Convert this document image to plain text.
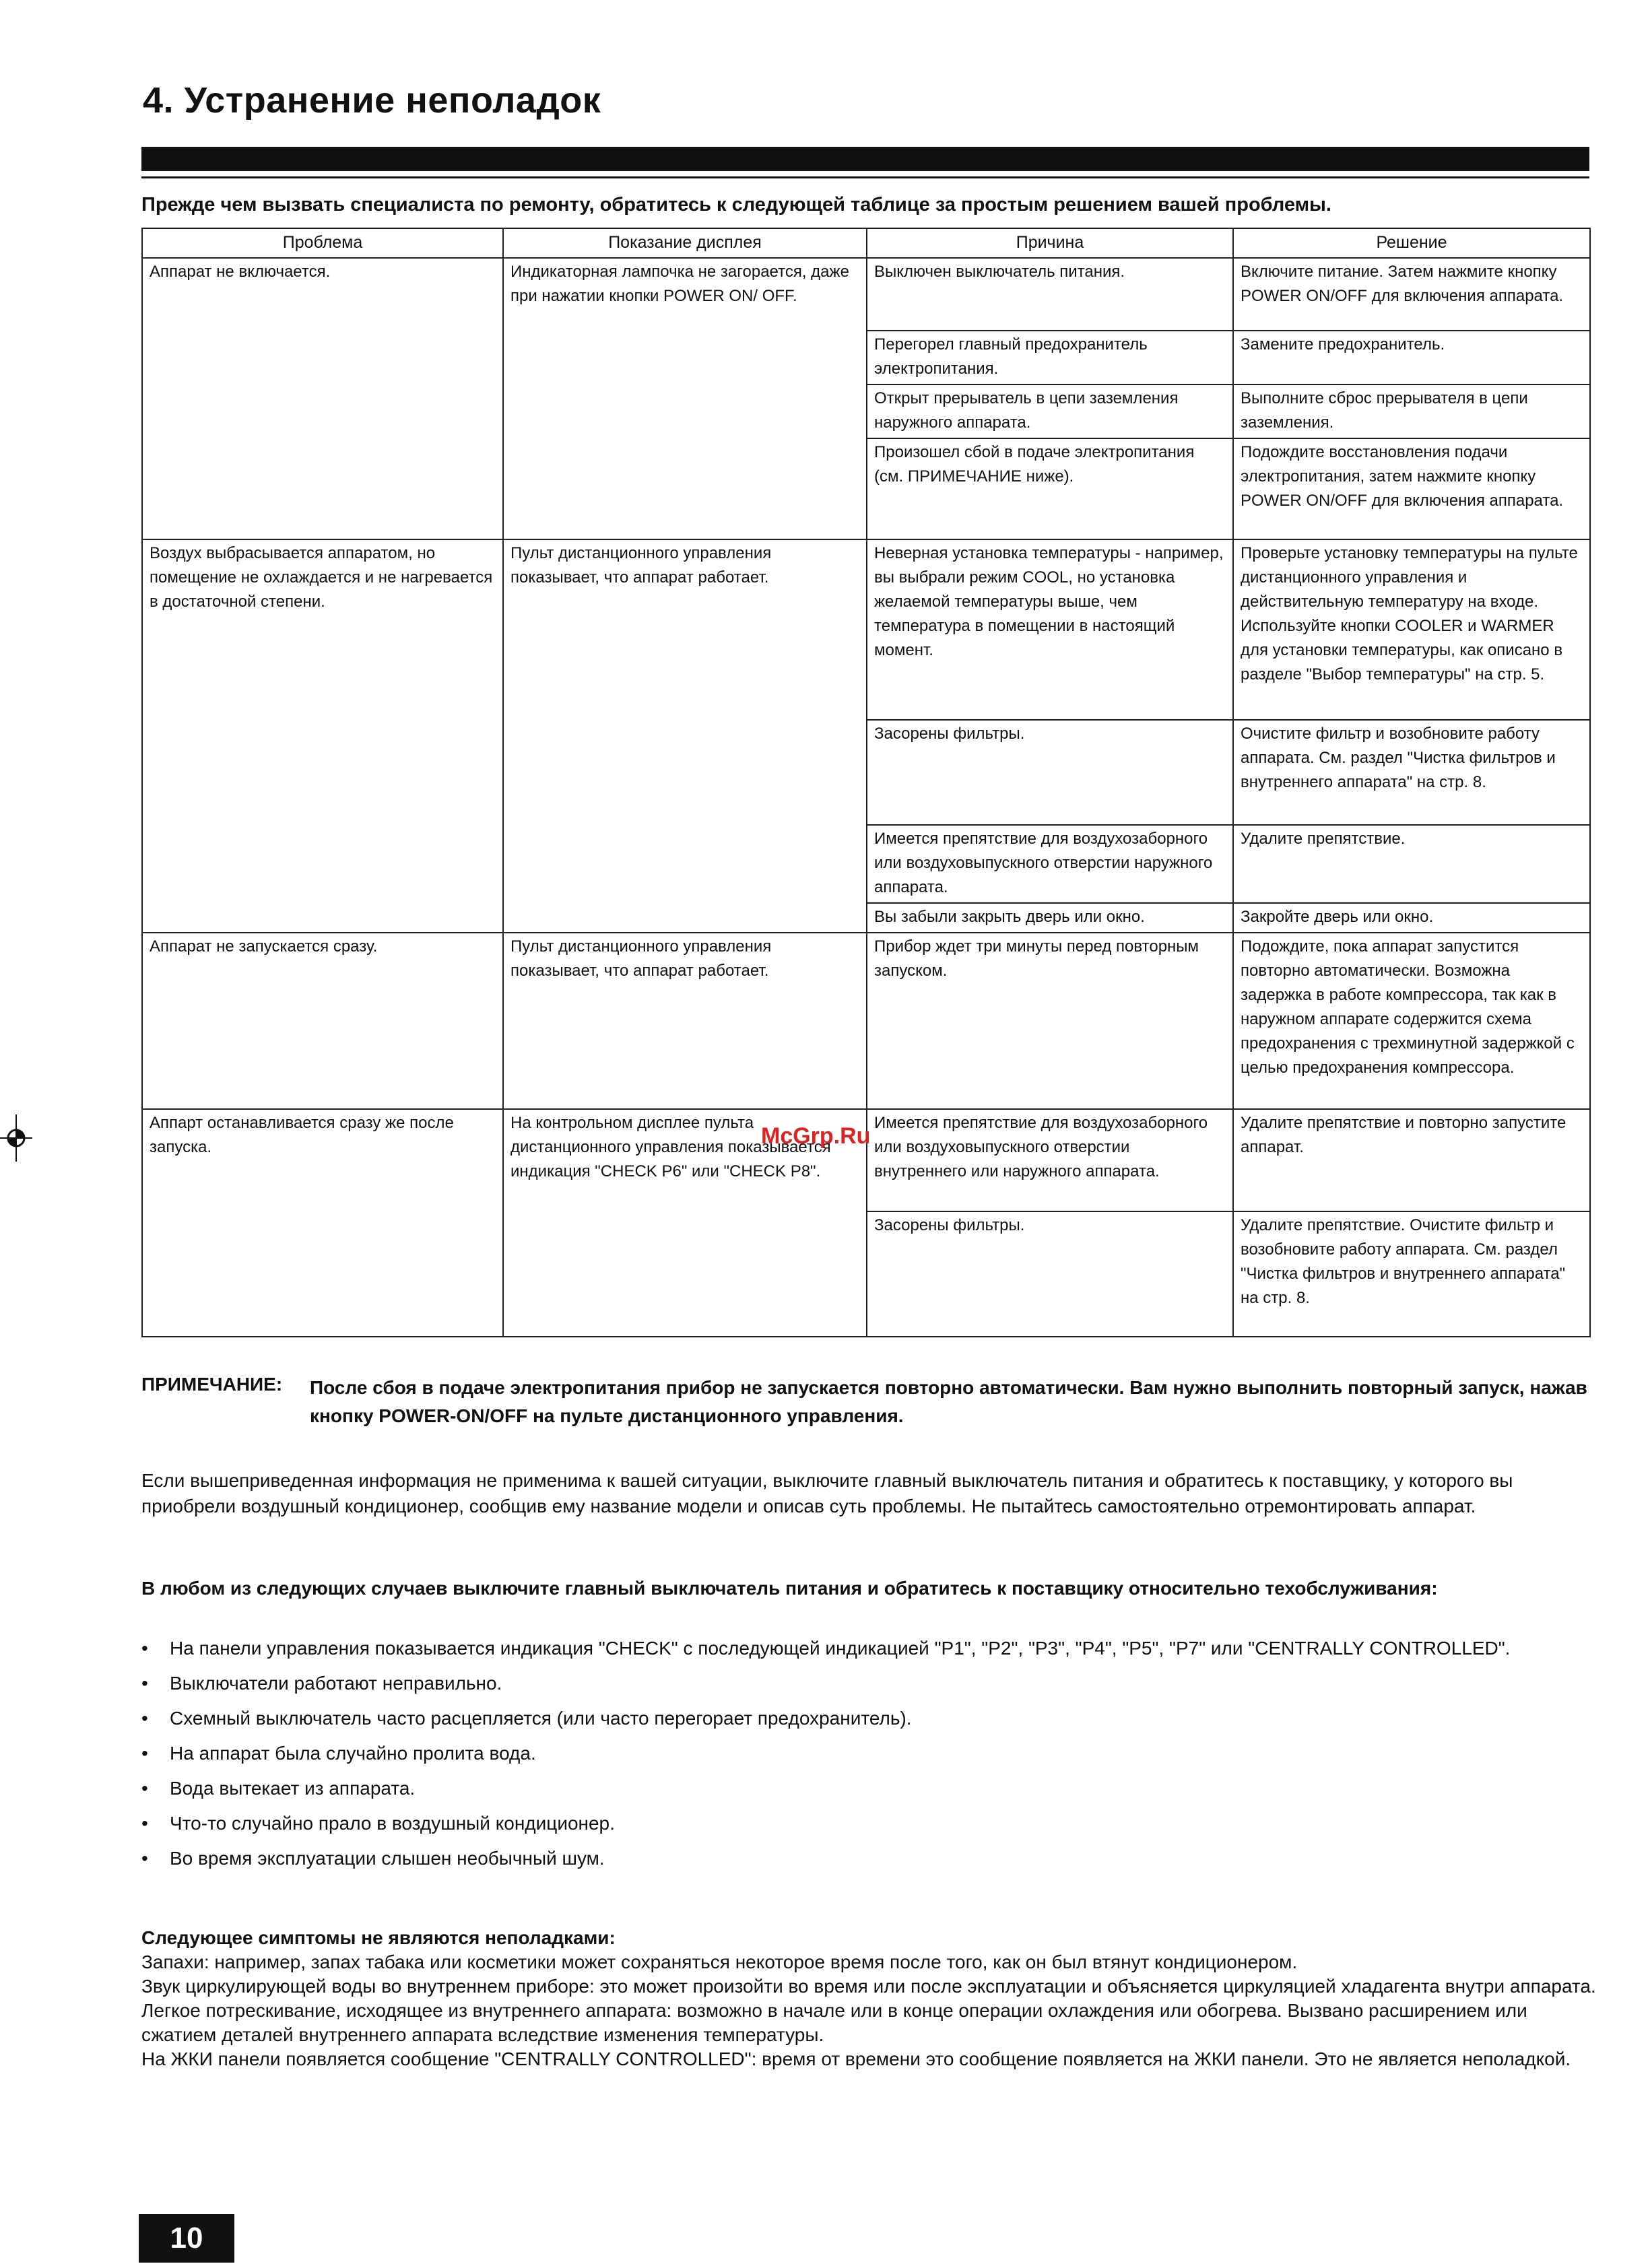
4. Устранение неполадок

Прежде чем вызвать специалиста по ремонту, обратитесь к следующей таблице за простым решением вашей проблемы.

Проблема	Показание дисплея	Причина	Решение
Аппарат не включается.	Индикаторная лампочка не загорается, даже при нажатии кнопки POWER ON/ OFF.	Выключен выключатель питания.	Включите питание. Затем нажмите кнопку POWER ON/OFF для включения аппарата.
		Перегорел главный предохранитель электропитания.	Замените предохранитель.
		Открыт прерыватель в цепи заземления наружного аппарата.	Выполните сброс прерывателя в цепи заземления.
		Произошел сбой в подаче электропитания (см. ПРИМЕЧАНИЕ ниже).	Подождите восстановления подачи электропитания, затем нажмите кнопку POWER ON/OFF для включения аппарата.
Воздух выбрасывается аппаратом, но помещение не охлаждается и не нагревается в достаточной степени.	Пульт дистанционного управления показывает, что аппарат работает.	Неверная установка температуры - например, вы выбрали режим COOL, но установка желаемой температуры выше, чем температура в помещении в настоящий момент.	Проверьте установку температуры на пульте дистанционного управления и действительную температуру на входе. Используйте кнопки COOLER и WARMER для установки температуры, как описано в разделе "Выбор температуры" на стр. 5.
		Засорены фильтры.	Очистите фильтр и возобновите работу аппарата. См. раздел "Чистка фильтров и внутреннего аппарата" на стр. 8.
		Имеется препятствие для воздухозаборного или воздуховыпускного отверстии наружного аппарата.	Удалите препятствие.
		Вы забыли закрыть дверь или окно.	Закройте дверь или окно.
Аппарат не запускается сразу.	Пульт дистанционного управления показывает, что аппарат работает.	Прибор ждет три минуты перед повторным запуском.	Подождите, пока аппарат запустится повторно автоматически. Возможна задержка в работе компрессора, так как в наружном аппарате содержится схема предохранения с трехминутной задержкой с целью предохранения компрессора.
Аппарт останавливается сразу же после запуска.	На контрольном дисплее пульта дистанционного управления показывается индикация "CHECK P6" или "CHECK P8".	Имеется препятствие для воздухозаборного или воздуховыпускного отверстии внутреннего или наружного аппарата.	Удалите препятствие и повторно запустите аппарат.
		Засорены фильтры.	Удалите препятствие. Очистите фильтр и возобновите работу аппарата. См. раздел "Чистка фильтров и внутреннего аппарата" на стр. 8.
McGrp.Ru
ПРИМЕЧАНИЕ: После сбоя в подаче электропитания прибор не запускается повторно автоматически. Вам нужно выполнить повторный запуск, нажав кнопку POWER-ON/OFF на пульте дистанционного управления.

Если вышеприведенная информация не применима к вашей ситуации, выключите главный выключатель питания и обратитесь к поставщику, у которого вы приобрели воздушный кондиционер, сообщив ему название модели и описав суть проблемы. Не пытайтесь самостоятельно отремонтировать аппарат.

В любом из следующих случаев выключите главный выключатель питания и обратитесь к поставщику относительно техобслуживания:

• На панели управления показывается индикация "CHECK" с последующей индикацией "P1", "P2", "P3", "P4", "P5", "P7" или "CENTRALLY CONTROLLED".
• Выключатели работают неправильно.
• Схемный выключатель часто расцепляется (или часто перегорает предохранитель).
• На аппарат была случайно пролита вода.
• Вода вытекает из аппарата.
• Что-то случайно прало в воздушный кондиционер.
• Во время эксплуатации слышен необычный шум.

Следующее симптомы не являются неполадками:

Запахи: например, запах табака или косметики может сохраняться некоторое время после того, как он был втянут кондиционером.

Звук циркулирующей воды во внутреннем приборе: это может произойти во время или после эксплуатации и объясняется циркуляцией хладагента внутри аппарата.

Легкое потрескивание, исходящее из внутреннего аппарата: возможно в начале или в конце операции охлаждения или обогрева. Вызвано расширением или сжатием деталей внутреннего аппарата вследствие изменения температуры.

На ЖКИ панели появляется сообщение "CENTRALLY CONTROLLED": время от времени это сообщение появляется на ЖКИ панели. Это не является неполадкой.

10
